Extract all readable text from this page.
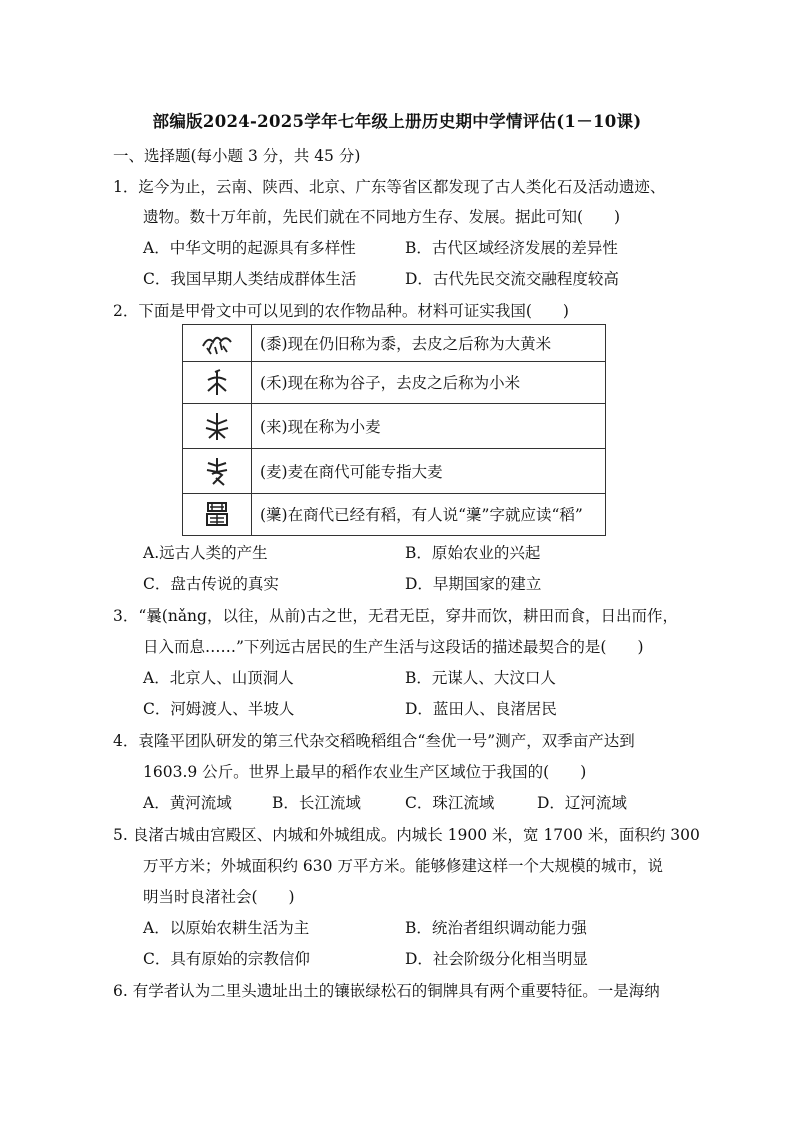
部编版2024-2025学年七年级上册历史期中学情评估(1－10课)
一、选择题(每小题 3 分，共 45 分)
1．迄今为止，云南、陕西、北京、广东等省区都发现了古人类化石及活动遗迹、
遗物。数十万年前，先民们就在不同地方生存、发展。据此可知(　　)
A．中华文明的起源具有多样性	B．古代区域经济发展的差异性
C．我国早期人类结成群体生活	D．古代先民交流交融程度较高
2．下面是甲骨文中可以见到的农作物品种。材料可证实我国(　　)
	(黍)现在仍旧称为黍，去皮之后称为大黄米

	(禾)现在称为谷子，去皮之后称为小米

	(来)现在称为小麦

	(麦)麦在商代可能专指大麦

	(䆃)在商代已经有稻，有人说“䆃”字就应读“稻”
A.远古人类的产生	B．原始农业的兴起
C．盘古传说的真实	D．早期国家的建立
3．“曩(nǎng，以往，从前)古之世，无君无臣，穿井而饮，耕田而食，日出而作，
日入而息……”下列远古居民的生产生活与这段话的描述最契合的是(　　)
A．北京人、山顶洞人	B．元谋人、大汶口人
C．河姆渡人、半坡人	D．蓝田人、良渚居民
4．袁隆平团队研发的第三代杂交稻晚稻组合“叁优一号”测产，双季亩产达到
1603.9 公斤。世界上最早的稻作农业生产区域位于我国的(　　)
A．黄河流域	B．长江流域	C．珠江流域	D．辽河流域
5. 良渚古城由宫殿区、内城和外城组成。内城长 1900 米，宽 1700 米，面积约 300
万平方米；外城面积约 630 万平方米。能够修建这样一个大规模的城市，说
明当时良渚社会(　　)
A．以原始农耕生活为主	B．统治者组织调动能力强
C．具有原始的宗教信仰	D．社会阶级分化相当明显
6. 有学者认为二里头遗址出土的镶嵌绿松石的铜牌具有两个重要特征。一是海纳
